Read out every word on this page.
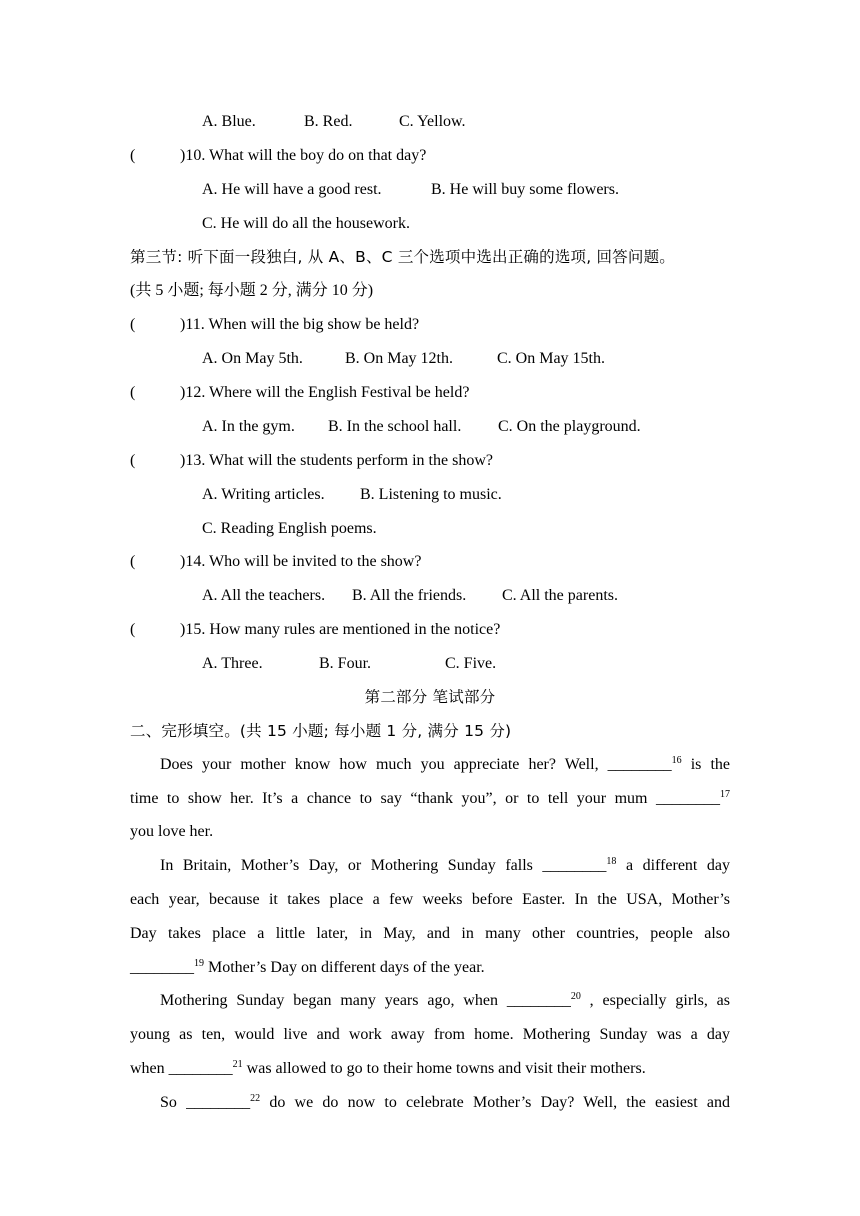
A. Blue.	B. Red.	C. Yellow.
(	)10. What will the boy do on that day?
A. He will have a good rest.	B. He will buy some flowers.
C. He will do all the housework.
第三节: 听下面一段独白, 从 A、B、C 三个选项中选出正确的选项, 回答问题。
(共 5 小题; 每小题 2 分, 满分 10 分)
(	)11. When will the big show be held?
A. On May 5th.	B. On May 12th.	C. On May 15th.
(	)12. Where will the English Festival be held?
A. In the gym. B. In the school hall. C. On the playground.
(	)13. What will the students perform in the show?
A. Writing articles. B. Listening to music.
C. Reading English poems.
(	)14. Who will be invited to the show?
A. All the teachers. B. All the friends. C. All the parents.
(	)15. How many rules are mentioned in the notice?
A. Three.	B. Four.	C. Five.
第二部分 笔试部分
二、完形填空。(共 15 小题; 每小题 1 分, 满分 15 分)
Does your mother know how much you appreciate her? Well, ________$^{16}$ is the
time to show her. It’s a chance to say “thank you”, or to tell your mum ________$^{17}$
you love her.
In Britain, Mother’s Day, or Mothering Sunday falls ________$^{18}$ a different day
each year, because it takes place a few weeks before Easter. In the USA, Mother’s
Day takes place a little later, in May, and in many other countries, people also
________$^{19}$ Mother’s Day on different days of the year.
Mothering Sunday began many years ago, when ________$^{20}$ , especially girls, as
young as ten, would live and work away from home. Mothering Sunday was a day
when ________$^{21}$ was allowed to go to their home towns and visit their mothers.
So ________$^{22}$ do we do now to celebrate Mother’s Day? Well, the easiest and
